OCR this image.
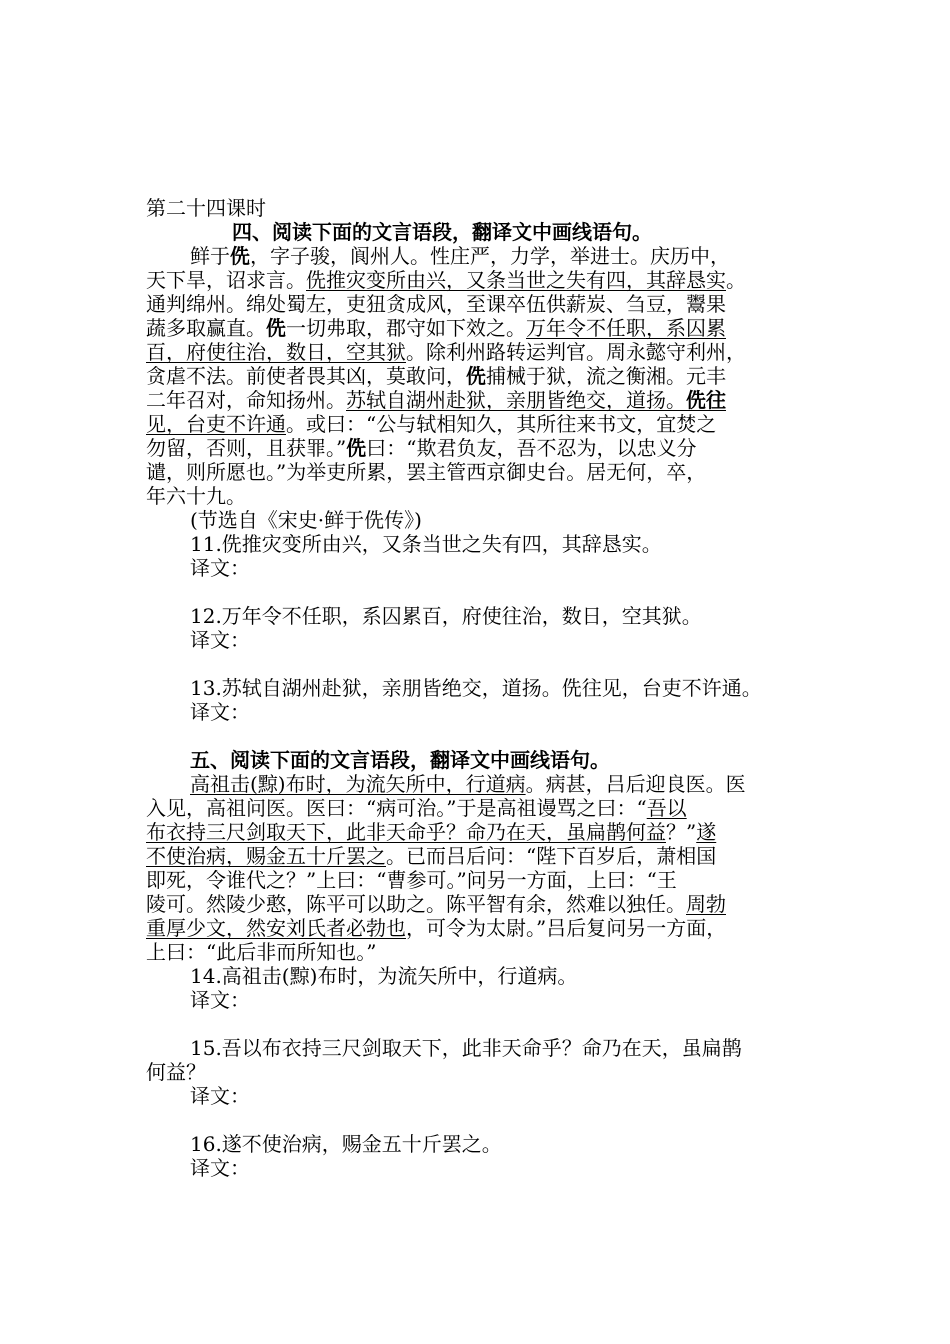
第二十四课时
四、阅读下面的文言语段，翻译文中画线语句。
鲜于侁，字子骏，阆州人。性庄严，力学，举进士。庆历中，
天下旱，诏求言。侁推灾变所由兴，又条当世之失有四，其辞恳实。
通判绵州。绵处蜀左，吏狃贪成风，至课卒伍供薪炭、刍豆，鬻果
蔬多取赢直。侁一切弗取，郡守如下效之。万年令不任职，系囚累
百，府使往治，数日，空其狱。除利州路转运判官。周永懿守利州，
贪虐不法。前使者畏其凶，莫敢问，侁捕械于狱，流之衡湘。元丰
二年召对，命知扬州。苏轼自湖州赴狱，亲朋皆绝交，道扬。侁往
见，台吏不许通。或曰：“公与轼相知久，其所往来书文，宜焚之
勿留，否则，且获罪。”侁曰：“欺君负友，吾不忍为，以忠义分
谴，则所愿也。”为举吏所累，罢主管西京御史台。居无何，卒，
年六十九。
(节选自《宋史·鲜于侁传》)
11.侁推灾变所由兴，又条当世之失有四，其辞恳实。
译文：
12.万年令不任职，系囚累百，府使往治，数日，空其狱。
译文：
13.苏轼自湖州赴狱，亲朋皆绝交，道扬。侁往见，台吏不许通。
译文：
五、阅读下面的文言语段，翻译文中画线语句。
高祖击(黥)布时，为流矢所中，行道病。病甚，吕后迎良医。医
入见，高祖问医。医曰：“病可治。”于是高祖谩骂之曰：“吾以
布衣持三尺剑取天下，此非天命乎？命乃在天，虽扁鹊何益？”遂
不使治病，赐金五十斤罢之。已而吕后问：“陛下百岁后，萧相国
即死，令谁代之？”上曰：“曹参可。”问另一方面，上曰：“王
陵可。然陵少憨，陈平可以助之。陈平智有余，然难以独任。周勃
重厚少文，然安刘氏者必勃也，可令为太尉。”吕后复问另一方面，
上曰：“此后非而所知也。”
14.高祖击(黥)布时，为流矢所中，行道病。
译文：
15.吾以布衣持三尺剑取天下，此非天命乎？命乃在天，虽扁鹊
何益？
译文：
16.遂不使治病，赐金五十斤罢之。
译文：
